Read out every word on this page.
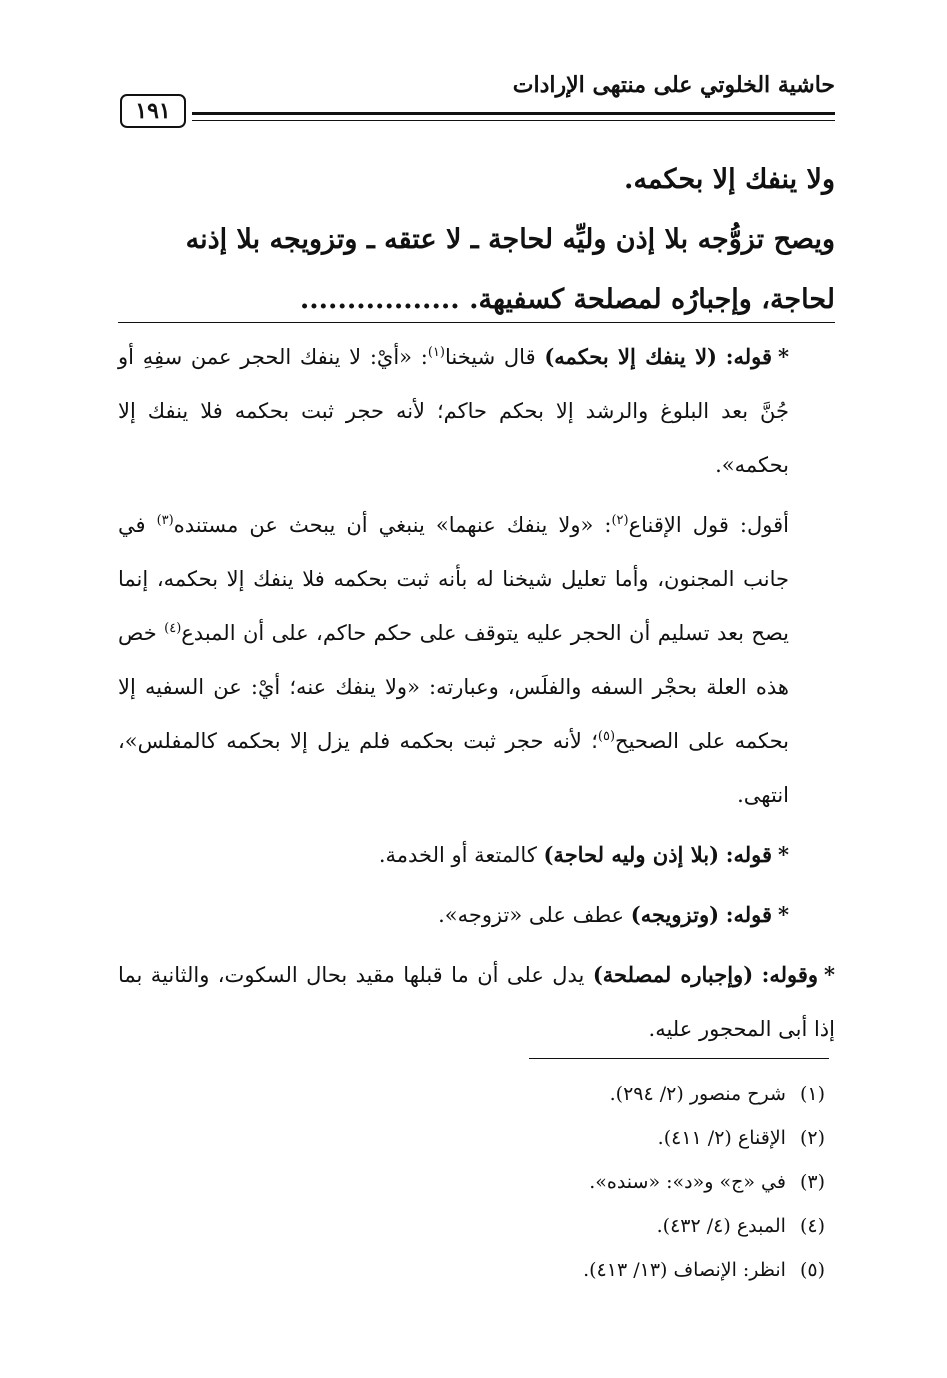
حاشية الخلوتي على منتهى الإرادات
١٩١

ولا ينفك إلا بحكمه.

ويصح تزوُّجه بلا إذن وليِّه لحاجة ـ لا عتقه ـ وتزويجه بلا إذنه

لحاجة، وإجبارُه لمصلحة كسفيهة. .................

*قوله: (لا ينفك إلا بحكمه) قال شيخنا$^{(١)}$: «أيْ: لا ينفك الحجر عمن سفِهِ أو جُنَّ بعد البلوغ والرشد إلا بحكم حاكم؛ لأنه حجر ثبت بحكمه فلا ينفك إلا بحكمه».

أقول: قول الإقناع$^{(٢)}$: «ولا ينفك عنهما» ينبغي أن يبحث عن مستنده$^{(٣)}$ في جانب المجنون، وأما تعليل شيخنا له بأنه ثبت بحكمه فلا ينفك إلا بحكمه، إنما يصح بعد تسليم أن الحجر عليه يتوقف على حكم حاكم، على أن المبدع$^{(٤)}$ خص هذه العلة بحجْر السفه والفلَس، وعبارته: «ولا ينفك عنه؛ أيْ: عن السفيه إلا بحكمه على الصحيح$^{(٥)}$؛ لأنه حجر ثبت بحكمه فلم يزل إلا بحكمه كالمفلس»، انتهى.

*قوله: (بلا إذن وليه لحاجة) كالمتعة أو الخدمة.

*قوله: (وتزويجه) عطف على «تزوجه».

*وقوله: (وإجباره لمصلحة) يدل على أن ما قبلها مقيد بحال السكوت، والثانية بما إذا أبى المحجور عليه.

(١)شرح منصور (٢/ ٢٩٤).
(٢)الإقناع (٢/ ٤١١).
(٣)في «ج» و«د»: «سنده».
(٤)المبدع (٤/ ٤٣٢).
(٥)انظر: الإنصاف (١٣/ ٤١٣).
